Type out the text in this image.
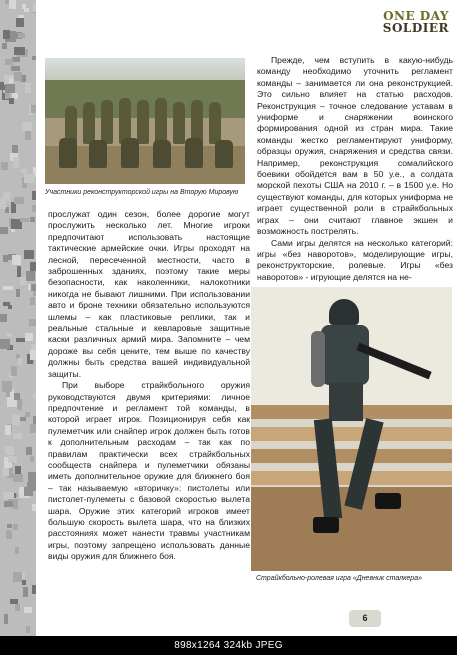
ONE DAY
SOLDIER
Участники реконструкторской игры на Вторую Мировую

прослужат один сезон, более дорогие могут прослужить несколько лет. Многие игроки предпочитают использовать настоящие тактические армейские очки. Игры проходят на лесной, пересеченной местности, часто в заброшенных зданиях, поэтому такие меры безопасности, как наколенники, налокотники никогда не бывают лишними. При использовании авто и броне техники обязательно используются шлемы – как пластиковые реплики, так и реальные стальные и кевларовые защитные каски различных армий мира. Запомните – чем дороже вы себя цените, тем выше по качеству должны быть средства вашей индивидуальной защиты.

При выборе страйкбольного оружия руководствуются двумя критериями: личное предпочтение и регламент той команды, в которой играет игрок. Позиционируя себя как пулеметчик или снайпер игрок должен быть готов к дополнительным расходам – так как по правилам практически всех страйкбольных сообществ снайпера и пулеметчики обязаны иметь дополнительное оружие для ближнего боя – так называемую «вторичку»: пистолеты или пистолет-пулеметы с базовой скоростью вылета шара. Оружие этих категорий игроков имеет большую скорость вылета шара, что на близких расстояниях может нанести травмы участникам игры, поэтому запрещено использовать данные виды оружия для ближнего боя.

Прежде, чем вступить в какую-нибудь команду необходимо уточнить регламент команды – занимается ли она реконструкцией. Это сильно влияет на статью расходов. Реконструкция – точное следование уставам в униформе и снаряжении воинского формирования одной из стран мира. Такие команды жестко регламентируют униформу, образцы оружия, снаряжения и средства связи. Например, реконструкция сомалийского боевики обойдется вам в 50 у.е., а солдата морской пехоты США на 2010 г. – в 1500 у.е. Но существуют команды, для которых униформа не играет существенной роли в страйкбольных играх – они считают главное экшен и возможность пострелять.

Сами игры делятся на несколько категорий: игры «без наворотов», моделирующие игры, реконструкторские, ролевые. Игры «без наворотов» - игрующие делятся на не-

Страйкбольно-ролевая игра «Дневник сталкера»
6
898x1264 324kb JPEG
